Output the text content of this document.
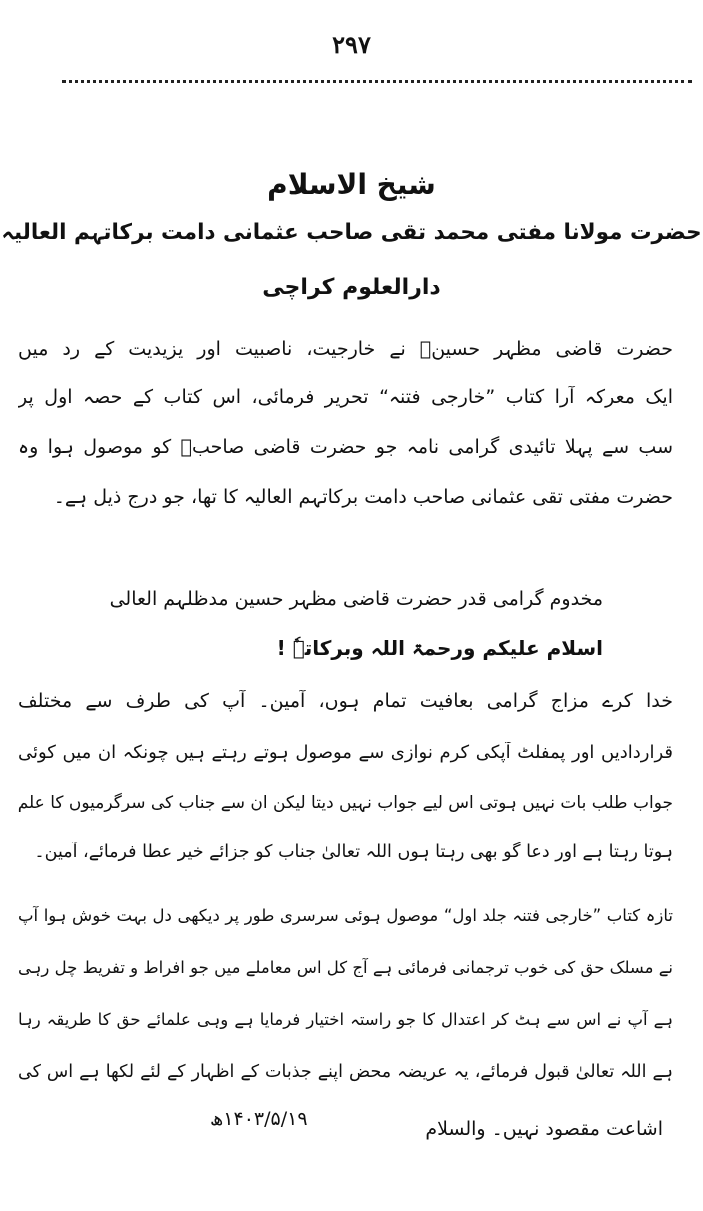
۲۹۷
شیخ الاسلام
حضرت مولانا مفتی محمد تقی صاحب عثمانی دامت برکاتہم العالیہ
دارالعلوم کراچی
حضرت قاضی مظہر حسینؒ نے خارجیت، ناصبیت اور یزیدیت کے رد میں
ایک معرکہ آرا کتاب ”خارجی فتنہ“ تحریر فرمائی، اس کتاب کے حصہ اول پر
سب سے پہلا تائیدی گرامی نامہ جو حضرت قاضی صاحبؒ کو موصول ہوا وہ
حضرت مفتی تقی عثمانی صاحب دامت برکاتہم العالیہ کا تھا، جو درج ذیل ہے۔
مخدوم گرامی قدر حضرت قاضی مظہر حسین مدظلہم العالی
اسلام علیکم ورحمۃ اللہ وبرکاتہٗ !
خدا کرے مزاج گرامی بعافیت تمام ہوں، آمین۔ آپ کی طرف سے مختلف
قراردادیں اور پمفلٹ آپکی کرم نوازی سے موصول ہوتے رہتے ہیں چونکہ ان میں کوئی
جواب طلب بات نہیں ہوتی اس لیے جواب نہیں دیتا لیکن ان سے جناب کی سرگرمیوں کا علم
ہوتا رہتا ہے اور دعا گو بھی رہتا ہوں اللہ تعالیٰ جناب کو جزائے خیر عطا فرمائے، آمین۔
تازہ کتاب ”خارجی فتنہ جلد اول“ موصول ہوئی سرسری طور پر دیکھی دل بہت خوش ہوا آپ
نے مسلک حق کی خوب ترجمانی فرمائی ہے آج کل اس معاملے میں جو افراط و تفریط چل رہی
ہے آپ نے اس سے ہٹ کر اعتدال کا جو راستہ اختیار فرمایا ہے وہی علمائے حق کا طریقہ رہا
ہے اللہ تعالیٰ قبول فرمائے، یہ عریضہ محض اپنے جذبات کے اظہار کے لئے لکھا ہے اس کی
اشاعت مقصود نہیں۔ والسلام
۱۴۰۳/۵/۱۹ھ
